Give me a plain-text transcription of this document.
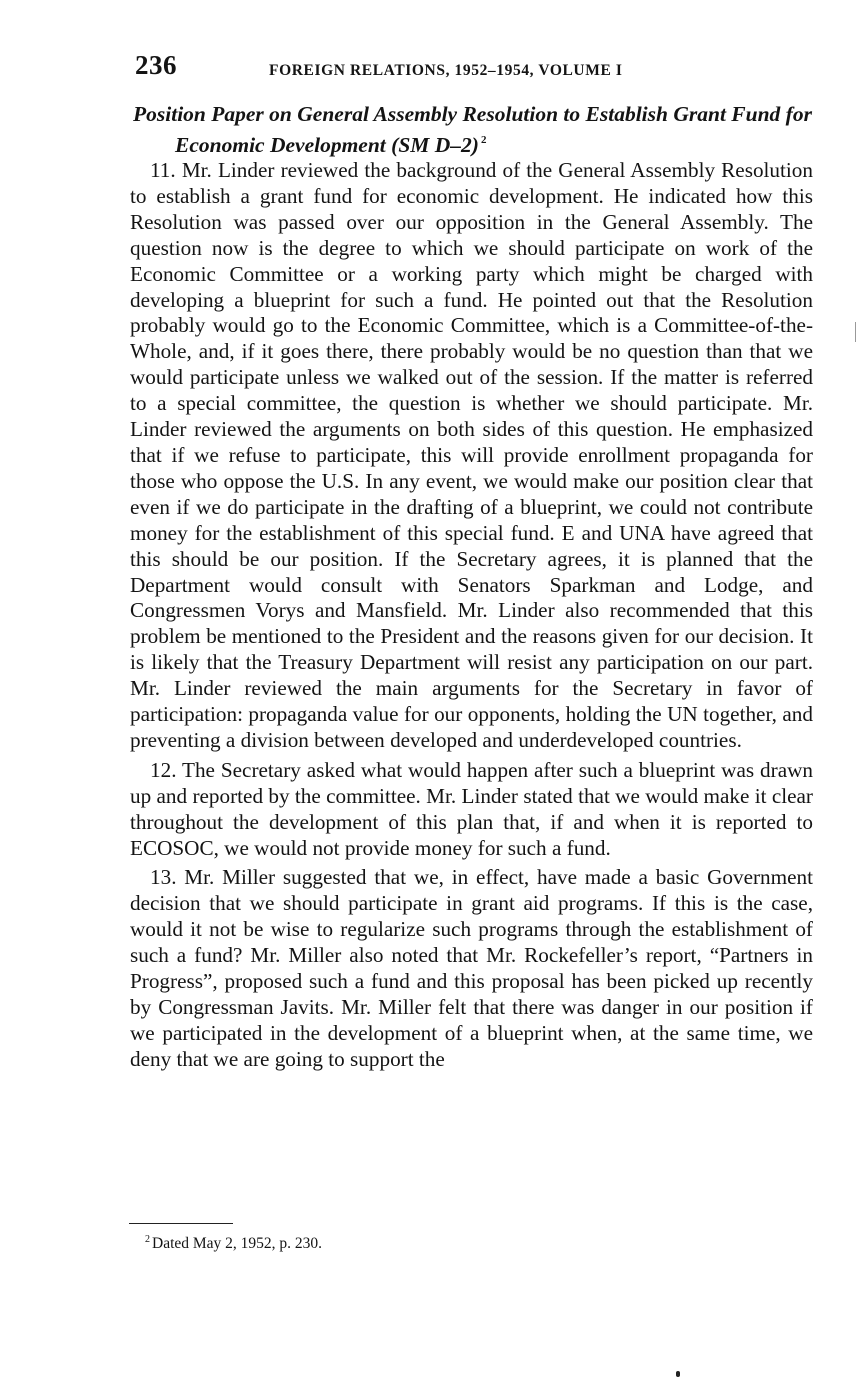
236	FOREIGN RELATIONS, 1952–1954, VOLUME I
Position Paper on General Assembly Resolution to Establish Grant Fund for Economic Development (SM D–2) $^2$

11. Mr. Linder reviewed the background of the General Assembly Resolution to establish a grant fund for economic development. He indicated how this Resolution was passed over our opposition in the General Assembly. The question now is the degree to which we should participate on work of the Economic Committee or a working party which might be charged with developing a blueprint for such a fund. He pointed out that the Resolution probably would go to the Economic Committee, which is a Committee-of-the-Whole, and, if it goes there, there probably would be no question than that we would participate unless we walked out of the session. If the matter is referred to a special committee, the question is whether we should participate. Mr. Linder reviewed the arguments on both sides of this question. He emphasized that if we refuse to participate, this will provide enrollment propaganda for those who oppose the U.S. In any event, we would make our position clear that even if we do participate in the drafting of a blueprint, we could not contribute money for the establishment of this special fund. E and UNA have agreed that this should be our position. If the Secretary agrees, it is planned that the Department would consult with Senators Sparkman and Lodge, and Congressmen Vorys and Mansfield. Mr. Linder also recommended that this problem be mentioned to the President and the reasons given for our decision. It is likely that the Treasury Department will resist any participation on our part. Mr. Linder reviewed the main arguments for the Secretary in favor of participation: propaganda value for our opponents, holding the UN together, and preventing a division between developed and underdeveloped countries.

12. The Secretary asked what would happen after such a blueprint was drawn up and reported by the committee. Mr. Linder stated that we would make it clear throughout the development of this plan that, if and when it is reported to ECOSOC, we would not provide money for such a fund.

13. Mr. Miller suggested that we, in effect, have made a basic Government decision that we should participate in grant aid programs. If this is the case, would it not be wise to regularize such programs through the establishment of such a fund? Mr. Miller also noted that Mr. Rockefeller’s report, “Partners in Progress”, proposed such a fund and this proposal has been picked up recently by Congressman Javits. Mr. Miller felt that there was danger in our position if we participated in the development of a blueprint when, at the same time, we deny that we are going to support the

$^2$ Dated May 2, 1952, p. 230.
